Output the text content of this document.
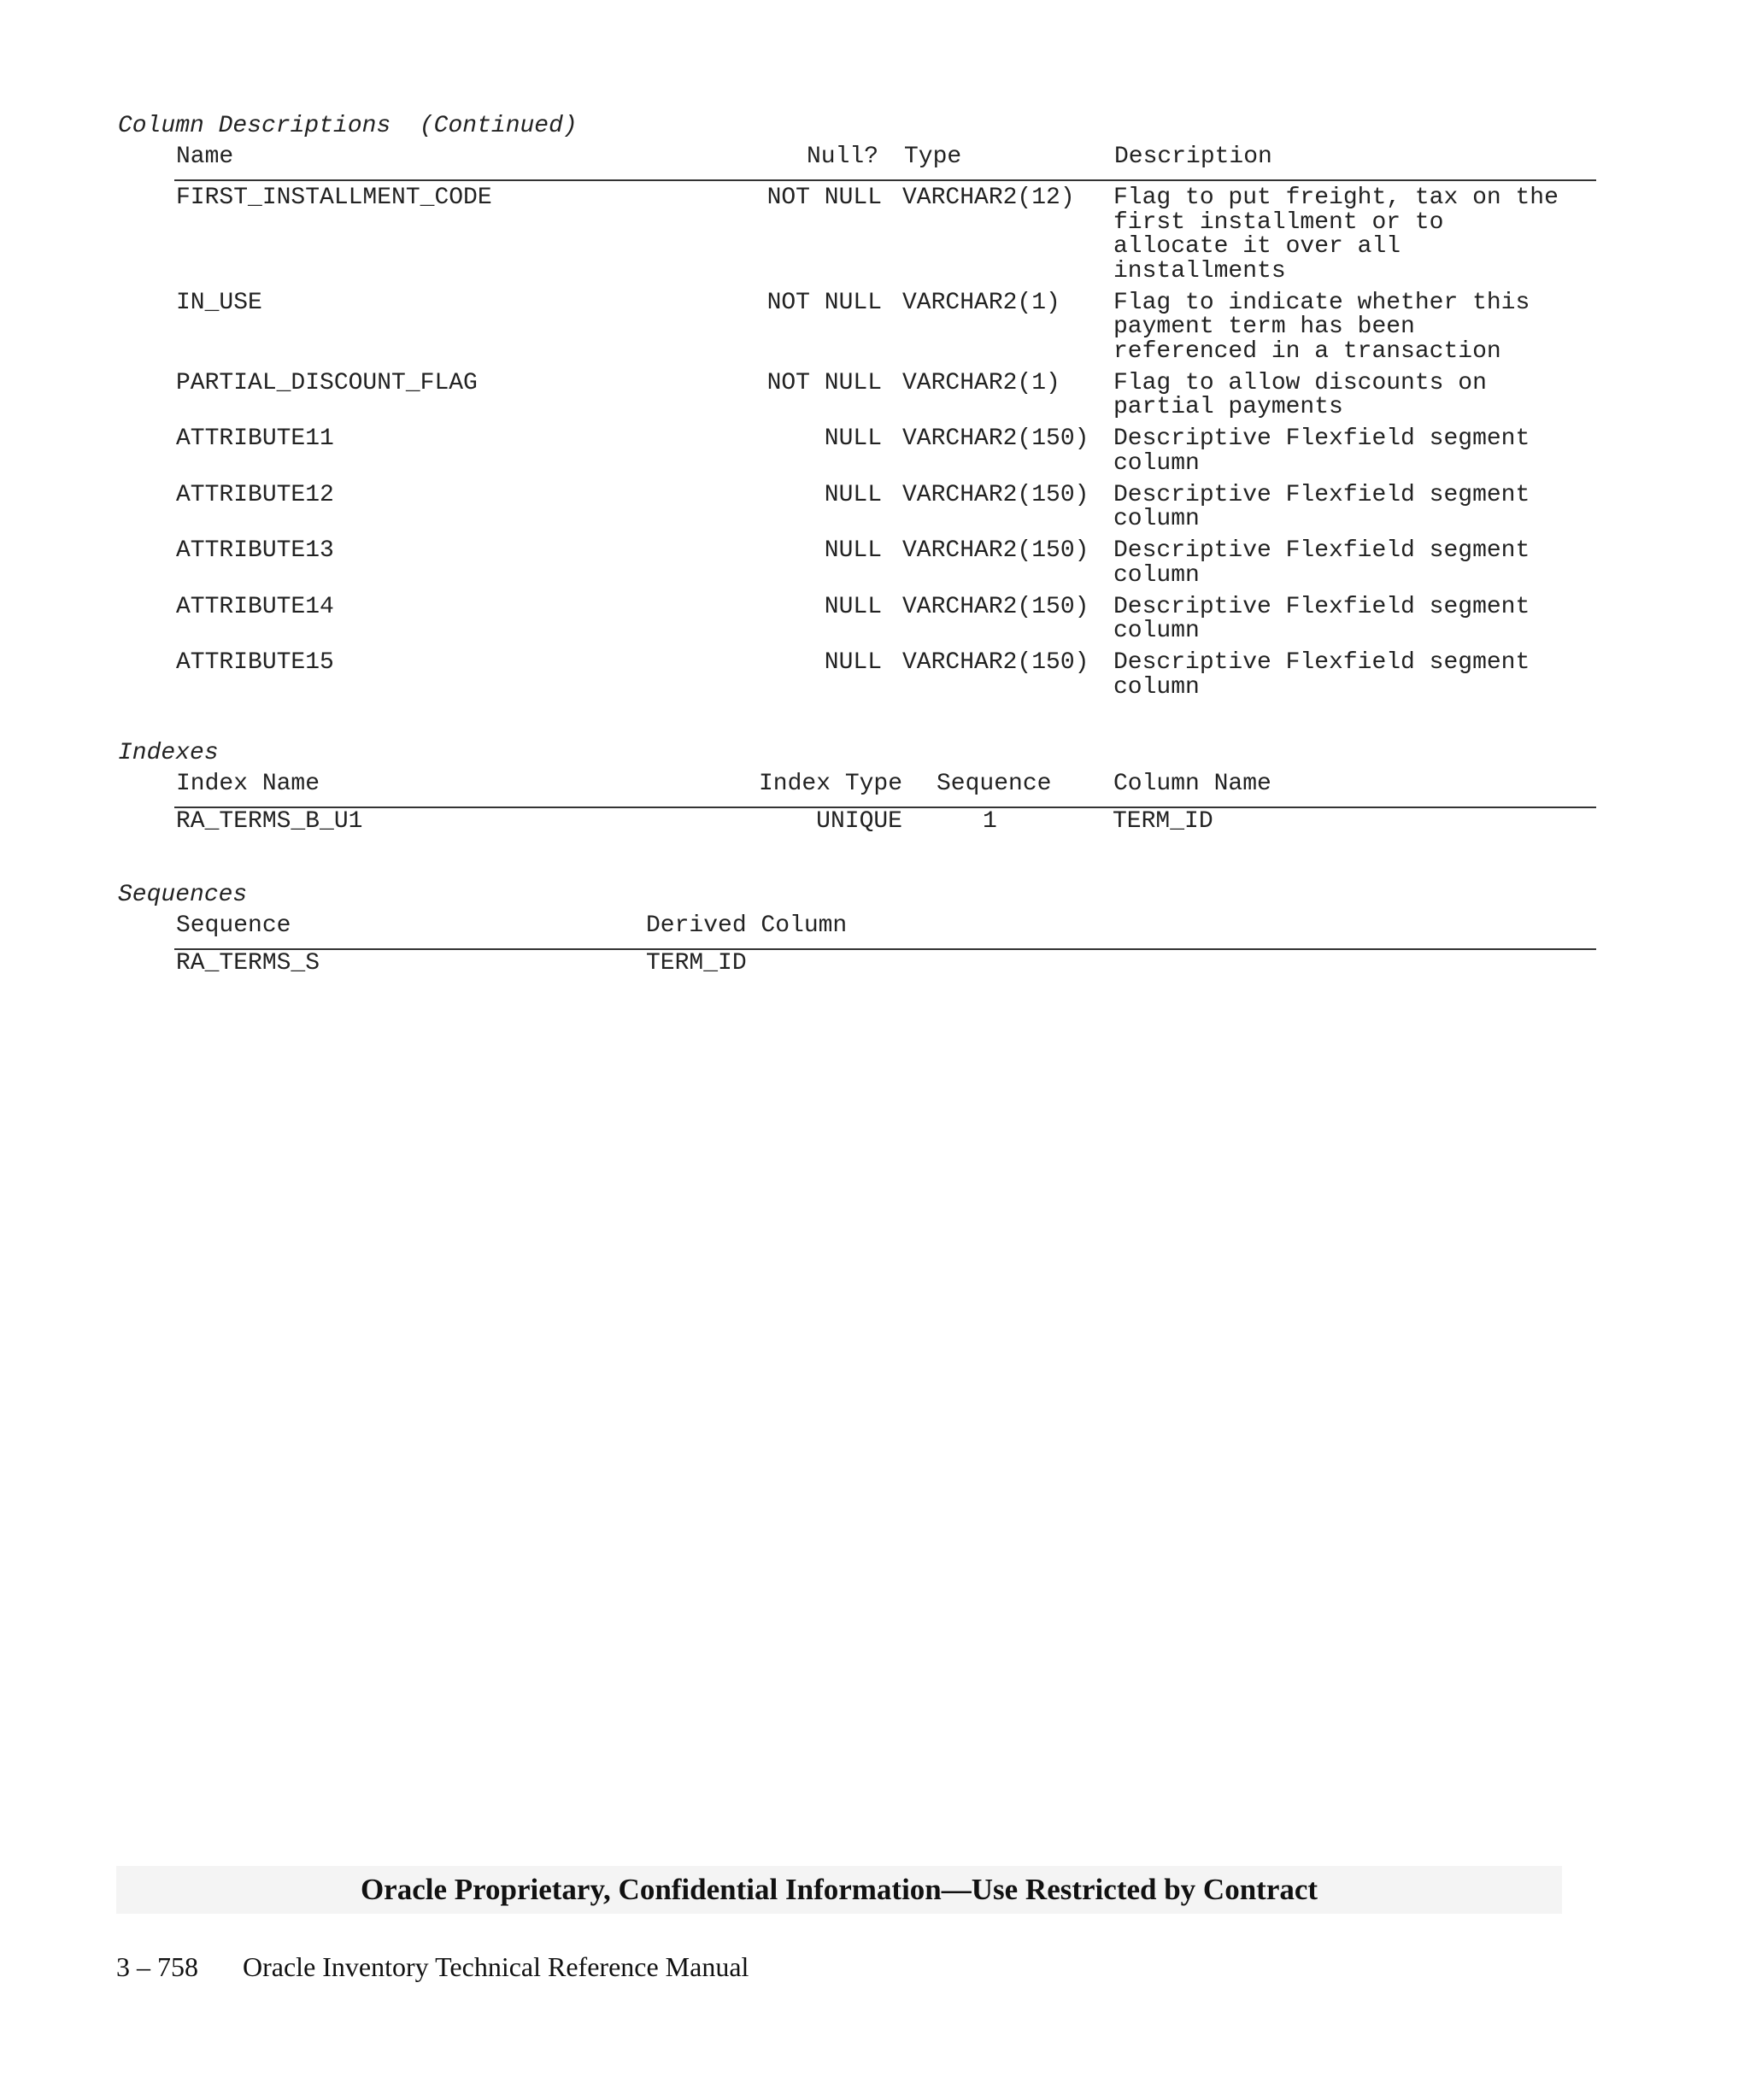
Column Descriptions (Continued)
Name	Null? Type	Description
FIRST_INSTALLMENT_CODE	NOT NULL VARCHAR2(12) Flag to put freight, tax on the
first installment or to
allocate it over all
installments
IN_USE	NOT NULL VARCHAR2(1) Flag to indicate whether this
payment term has been
referenced in a transaction
PARTIAL_DISCOUNT_FLAG	NOT NULL VARCHAR2(1) Flag to allow discounts on
partial payments
ATTRIBUTE11	NULL VARCHAR2(150) Descriptive Flexfield segment
column
ATTRIBUTE12	NULL VARCHAR2(150) Descriptive Flexfield segment
column
ATTRIBUTE13	NULL VARCHAR2(150) Descriptive Flexfield segment
column
ATTRIBUTE14	NULL VARCHAR2(150) Descriptive Flexfield segment
column
ATTRIBUTE15	NULL VARCHAR2(150) Descriptive Flexfield segment
column
Indexes
Index Name	Index Type Sequence	Column Name
RA_TERMS_B_U1	UNIQUE	1	TERM_ID
Sequences
Sequence	Derived Column
RA_TERMS_S	TERM_ID
Oracle Proprietary, Confidential Information––Use Restricted by Contract
3 – 758 Oracle Inventory Technical Reference Manual
